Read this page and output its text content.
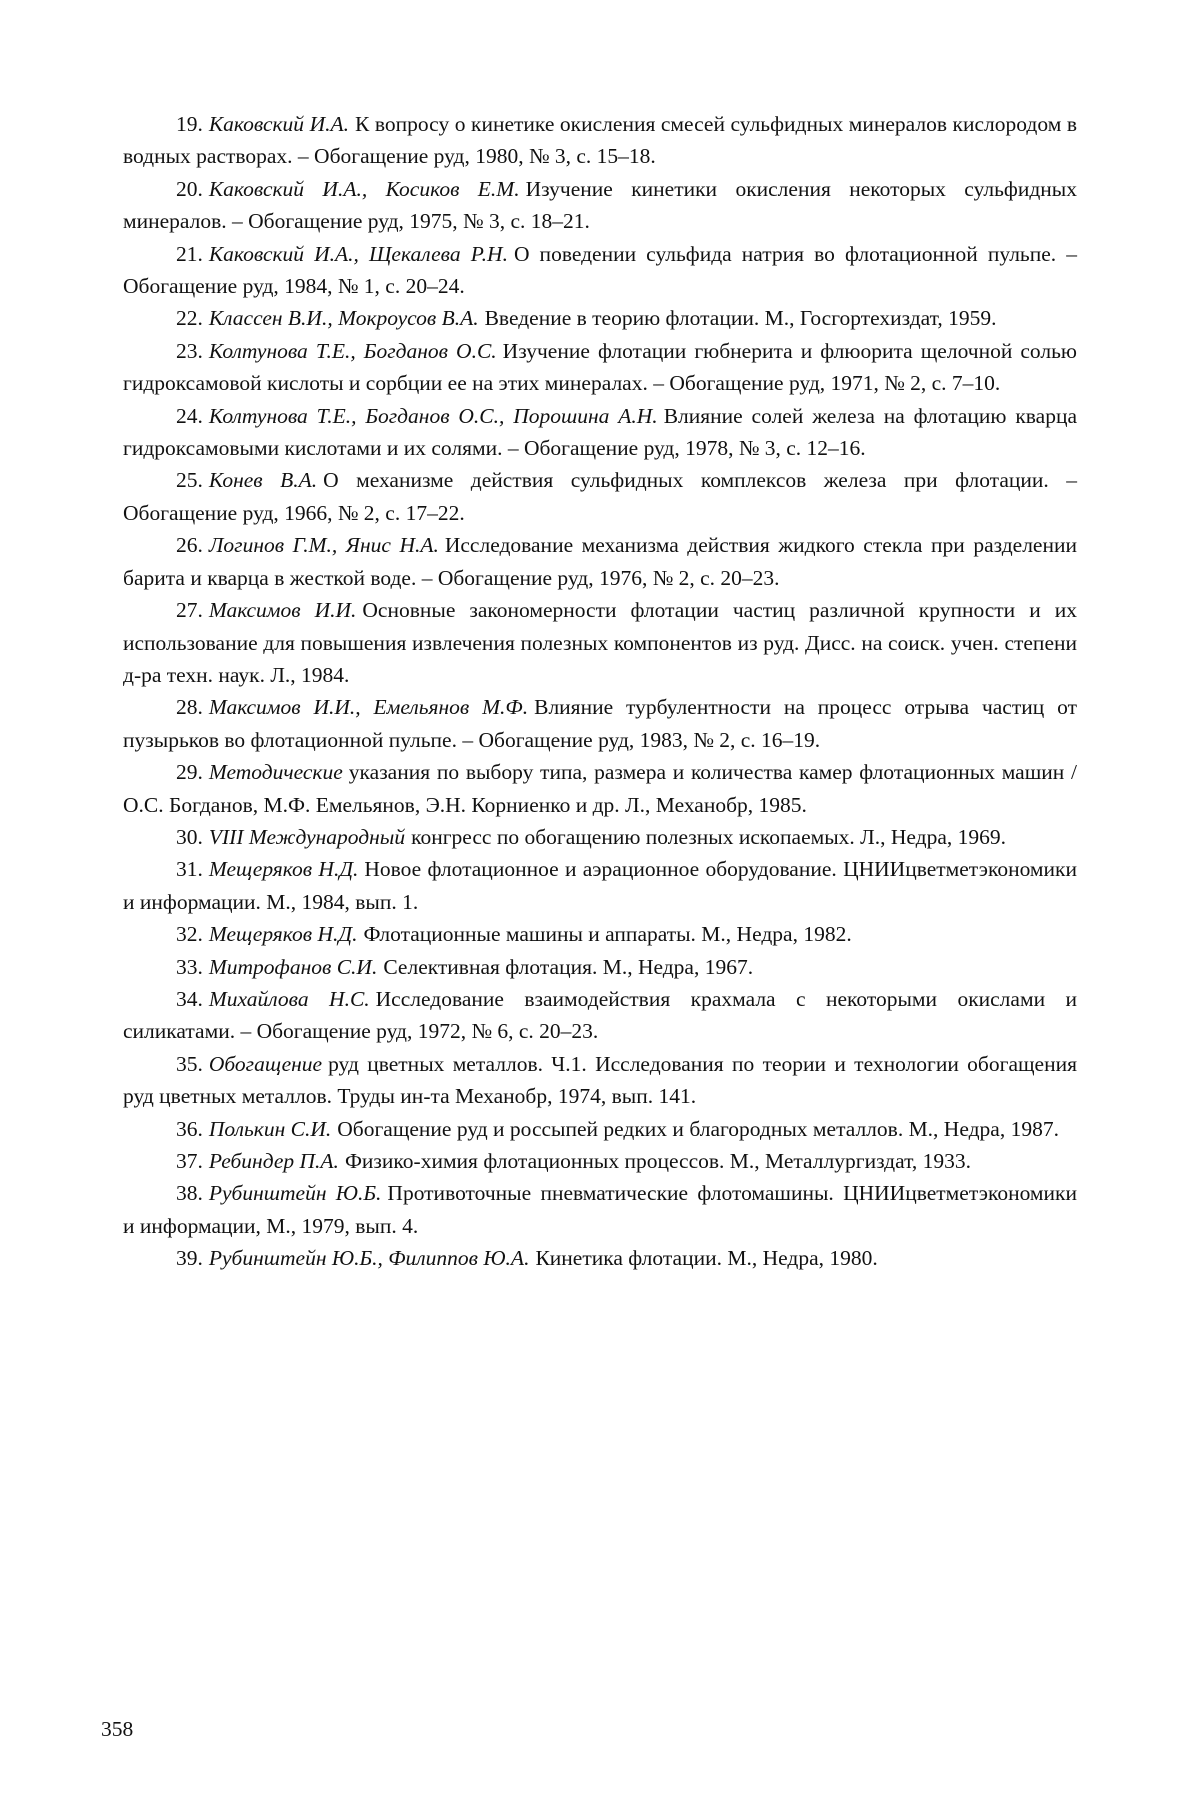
19. Каковский И.А. К вопросу о кинетике окисления смесей сульфидных минералов кислородом в водных растворах. – Обогащение руд, 1980, № 3, с. 15–18.

20. Каковский И.А., Косиков Е.М. Изучение кинетики окисления некоторых сульфидных минералов. – Обогащение руд, 1975, № 3, с. 18–21.

21. Каковский И.А., Щекалева Р.Н. О поведении сульфида натрия во флотационной пульпе. – Обогащение руд, 1984, № 1, с. 20–24.

22. Классен В.И., Мокроусов В.А. Введение в теорию флотации. М., Госгортехиздат, 1959.

23. Колтунова Т.Е., Богданов О.С. Изучение флотации гюбнерита и флюорита щелочной солью гидроксамовой кислоты и сорбции ее на этих минералах. – Обогащение руд, 1971, № 2, с. 7–10.

24. Колтунова Т.Е., Богданов О.С., Порошина А.Н. Влияние солей железа на флотацию кварца гидроксамовыми кислотами и их солями. – Обогащение руд, 1978, № 3, с. 12–16.

25. Конев В.А. О механизме действия сульфидных комплексов железа при флотации. – Обогащение руд, 1966, № 2, с. 17–22.

26. Логинов Г.М., Янис Н.А. Исследование механизма действия жидкого стекла при разделении барита и кварца в жесткой воде. – Обогащение руд, 1976, № 2, с. 20–23.

27. Максимов И.И. Основные закономерности флотации частиц различной крупности и их использование для повышения извлечения полезных компонентов из руд. Дисс. на соиск. учен. степени д-ра техн. наук. Л., 1984.

28. Максимов И.И., Емельянов М.Ф. Влияние турбулентности на процесс отрыва частиц от пузырьков во флотационной пульпе. – Обогащение руд, 1983, № 2, с. 16–19.

29. Методические указания по выбору типа, размера и количества камер флотационных машин /О.С. Богданов, М.Ф. Емельянов, Э.Н. Корниенко и др. Л., Механобр, 1985.

30. VIII Международный конгресс по обогащению полезных ископаемых. Л., Недра, 1969.

31. Мещеряков Н.Д. Новое флотационное и аэрационное оборудование. ЦНИИцветметэкономики и информации. М., 1984, вып. 1.

32. Мещеряков Н.Д. Флотационные машины и аппараты. М., Недра, 1982.

33. Митрофанов С.И. Селективная флотация. М., Недра, 1967.

34. Михайлова Н.С. Исследование взаимодействия крахмала с некоторыми окислами и силикатами. – Обогащение руд, 1972, № 6, с. 20–23.

35. Обогащение руд цветных металлов. Ч.1. Исследования по теории и технологии обогащения руд цветных металлов. Труды ин-та Механобр, 1974, вып. 141.

36. Полькин С.И. Обогащение руд и россыпей редких и благородных металлов. М., Недра, 1987.

37. Ребиндер П.А. Физико-химия флотационных процессов. М., Металлургиздат, 1933.

38. Рубинштейн Ю.Б. Противоточные пневматические флотомашины. ЦНИИцветметэкономики и информации, М., 1979, вып. 4.

39. Рубинштейн Ю.Б., Филиппов Ю.А. Кинетика флотации. М., Недра, 1980.

358
